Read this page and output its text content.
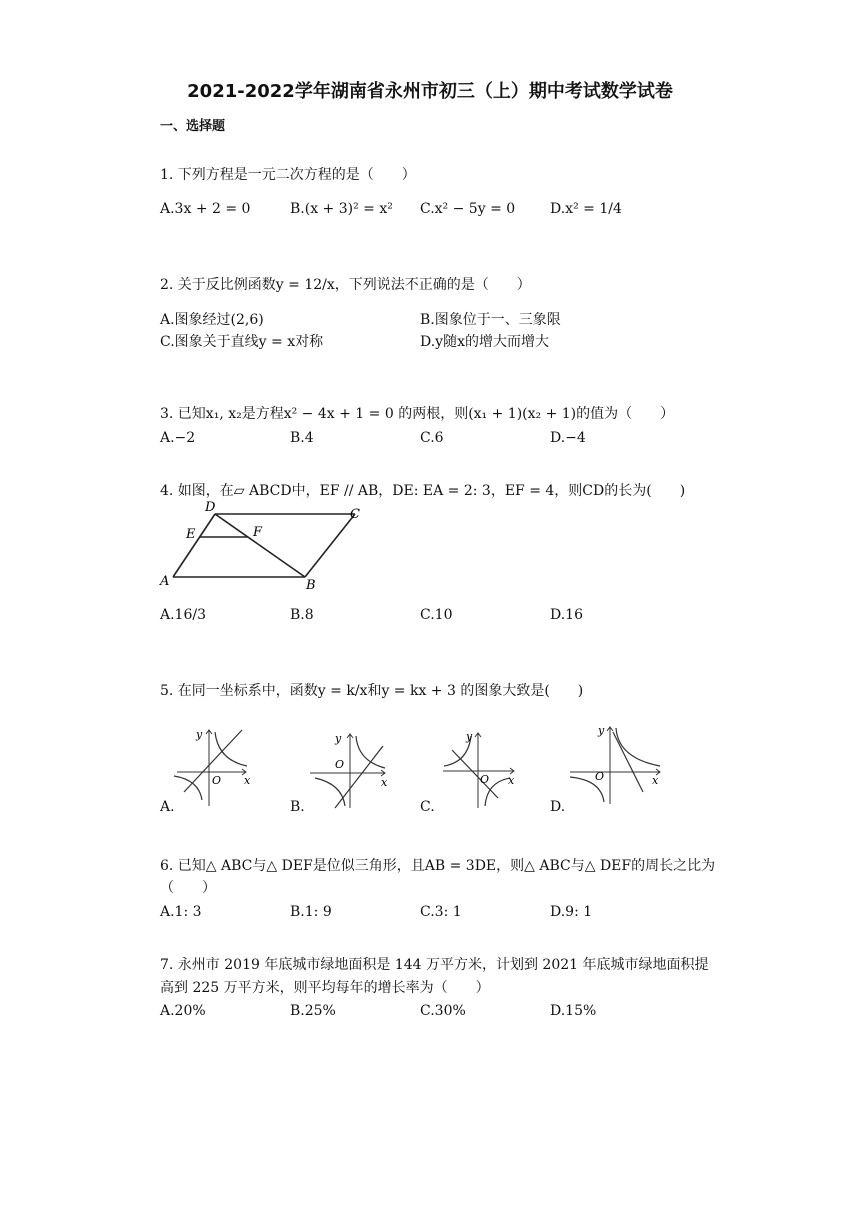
2021-2022学年湖南省永州市初三（上）期中考试数学试卷
一、选择题
1. 下列方程是一元二次方程的是（　　）
A.3x + 2 = 0	B.(x + 3)² = x² C.x² − 5y = 0 D.x² = 1/4
2. 关于反比例函数y = 12/x，下列说法不正确的是（　　）
A.图象经过(2,6)	B.图象位于一、三象限
C.图象关于直线y = x对称	D.y随x的增大而增大
3. 已知x₁, x₂是方程x² − 4x + 1 = 0 的两根，则(x₁ + 1)(x₂ + 1)的值为（　　）
A.−2	B.4	C.6	D.−4
4. 如图，在▱ ABCD中，EF // AB，DE: EA = 2: 3，EF = 4，则CD的长为(　　)
D	C
E	F
A	B
A.16/3	B.8	C.10	D.16
5. 在同一坐标系中，函数y = k/x和y = kx + 3 的图象大致是(　　)
y
O x
y
O
x
y
O x
y
O	x
A.	B.	C.	D.
6. 已知△ ABC与△ DEF是位似三角形，且AB = 3DE，则△ ABC与△ DEF的周长之比为
（　　）
A.1: 3	B.1: 9	C.3: 1	D.9: 1
7. 永州市 2019 年底城市绿地面积是 144 万平方米，计划到 2021 年底城市绿地面积提
高到 225 万平方米，则平均每年的增长率为（　　）
A.20%	B.25%	C.30%	D.15%
